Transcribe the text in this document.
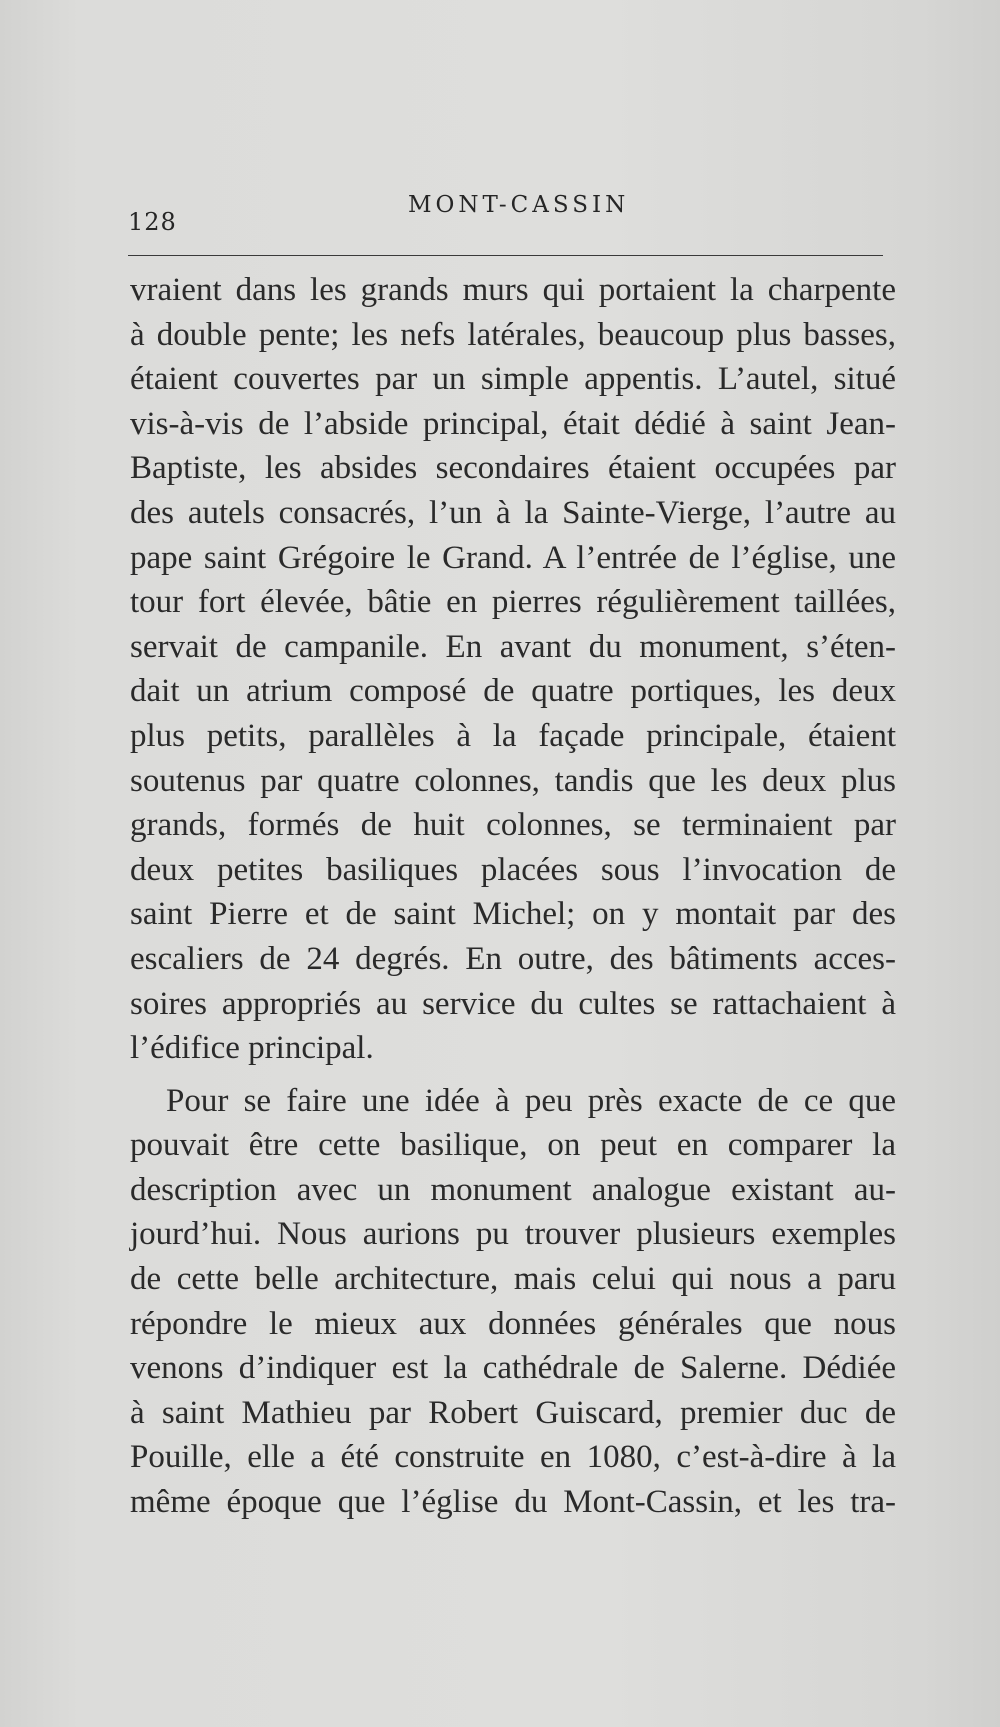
128
MONT-CASSIN
vraient dans les grands murs qui portaient la charpente
à double pente; les nefs latérales, beaucoup plus basses,
étaient couvertes par un simple appentis. L’autel, situé
vis-à-vis de l’abside principal, était dédié à saint Jean-
Baptiste, les absides secondaires étaient occupées par
des autels consacrés, l’un à la Sainte-Vierge, l’autre au
pape saint Grégoire le Grand. A l’entrée de l’église, une
tour fort élevée, bâtie en pierres régulièrement taillées,
servait de campanile. En avant du monument, s’éten-
dait un atrium composé de quatre portiques, les deux
plus petits, parallèles à la façade principale, étaient
soutenus par quatre colonnes, tandis que les deux plus
grands, formés de huit colonnes, se terminaient par
deux petites basiliques placées sous l’invocation de
saint Pierre et de saint Michel; on y montait par des
escaliers de 24 degrés. En outre, des bâtiments acces-
soires appropriés au service du cultes se rattachaient à
l’édifice principal.
Pour se faire une idée à peu près exacte de ce que
pouvait être cette basilique, on peut en comparer la
description avec un monument analogue existant au-
jourd’hui. Nous aurions pu trouver plusieurs exemples
de cette belle architecture, mais celui qui nous a paru
répondre le mieux aux données générales que nous
venons d’indiquer est la cathédrale de Salerne. Dédiée
à saint Mathieu par Robert Guiscard, premier duc de
Pouille, elle a été construite en 1080, c’est-à-dire à la
même époque que l’église du Mont-Cassin, et les tra-
